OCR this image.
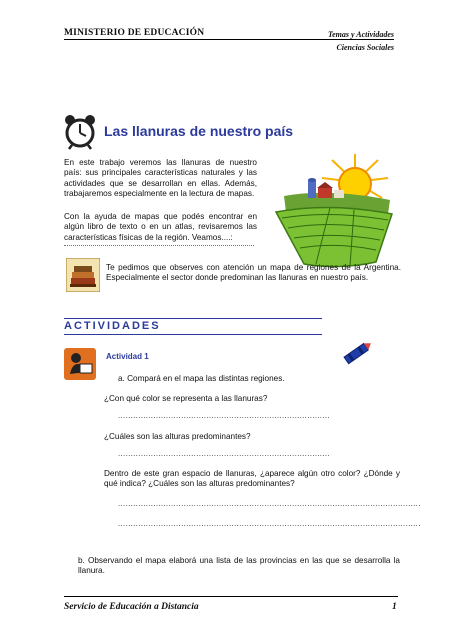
MINISTERIO DE EDUCACIÓN	Temas y Actividades
Ciencias Sociales
Las llanuras de nuestro país
En este trabajo veremos las llanuras de nuestro país: sus principales características naturales y las actividades que se desarrollan en ellas. Además, trabajaremos especialmente en la lectura de mapas.
Con la ayuda de mapas que podés encontrar en algún libro de texto o en un atlas, revisaremos las características físicas de la región. Veamos....:
Te pedimos que observes con atención un mapa de regiones de la Argentina. Especialmente el sector donde predominan las llanuras en nuestro país.
ACTIVIDADES
Actividad 1
a. Compará en el mapa las distintas regiones.
¿Con qué color se representa a las llanuras?
....................................................................................
¿Cuáles son las alturas predominantes?
....................................................................................
Dentro de este gran espacio de llanuras, ¿aparece algún otro color? ¿Dónde y qué indica? ¿Cuáles son las alturas predominantes?
........................................................................................................................
........................................................................................................................
b. Observando el mapa elaborá una lista de las provincias en las que se desarrolla la llanura.
Servicio de Educación a Distancia	1
